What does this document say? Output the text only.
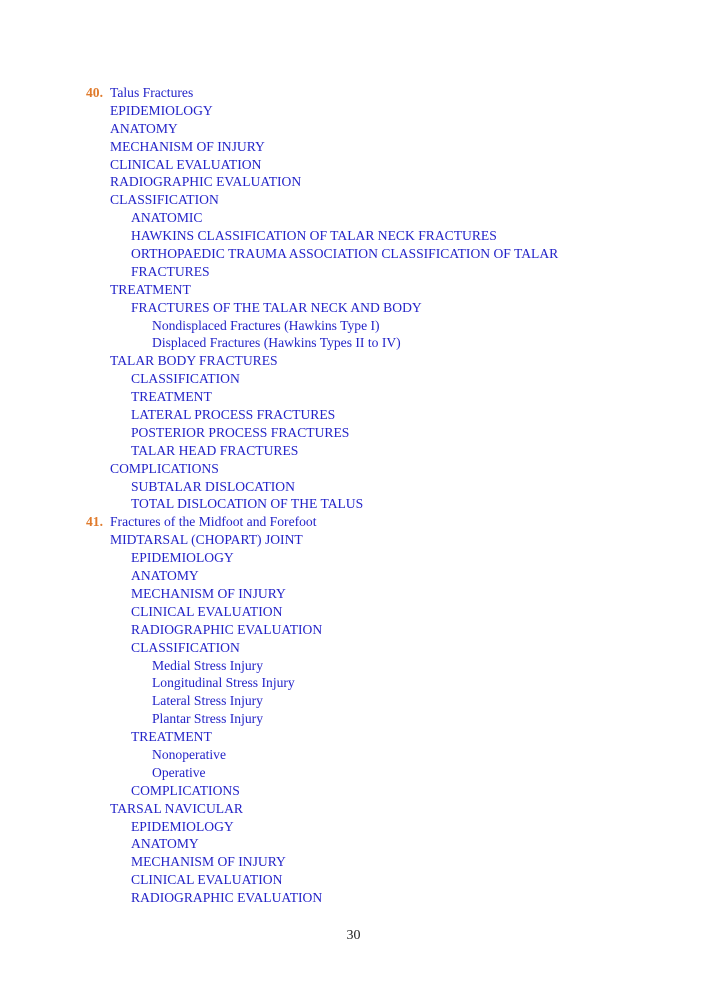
40. Talus Fractures
EPIDEMIOLOGY
ANATOMY
MECHANISM OF INJURY
CLINICAL EVALUATION
RADIOGRAPHIC EVALUATION
CLASSIFICATION
ANATOMIC
HAWKINS CLASSIFICATION OF TALAR NECK FRACTURES
ORTHOPAEDIC TRAUMA ASSOCIATION CLASSIFICATION OF TALAR
FRACTURES
TREATMENT
FRACTURES OF THE TALAR NECK AND BODY
Nondisplaced Fractures (Hawkins Type I)
Displaced Fractures (Hawkins Types II to IV)
TALAR BODY FRACTURES
CLASSIFICATION
TREATMENT
LATERAL PROCESS FRACTURES
POSTERIOR PROCESS FRACTURES
TALAR HEAD FRACTURES
COMPLICATIONS
SUBTALAR DISLOCATION
TOTAL DISLOCATION OF THE TALUS
41. Fractures of the Midfoot and Forefoot
MIDTARSAL (CHOPART) JOINT
EPIDEMIOLOGY
ANATOMY
MECHANISM OF INJURY
CLINICAL EVALUATION
RADIOGRAPHIC EVALUATION
CLASSIFICATION
Medial Stress Injury
Longitudinal Stress Injury
Lateral Stress Injury
Plantar Stress Injury
TREATMENT
Nonoperative
Operative
COMPLICATIONS
TARSAL NAVICULAR
EPIDEMIOLOGY
ANATOMY
MECHANISM OF INJURY
CLINICAL EVALUATION
RADIOGRAPHIC EVALUATION
30
